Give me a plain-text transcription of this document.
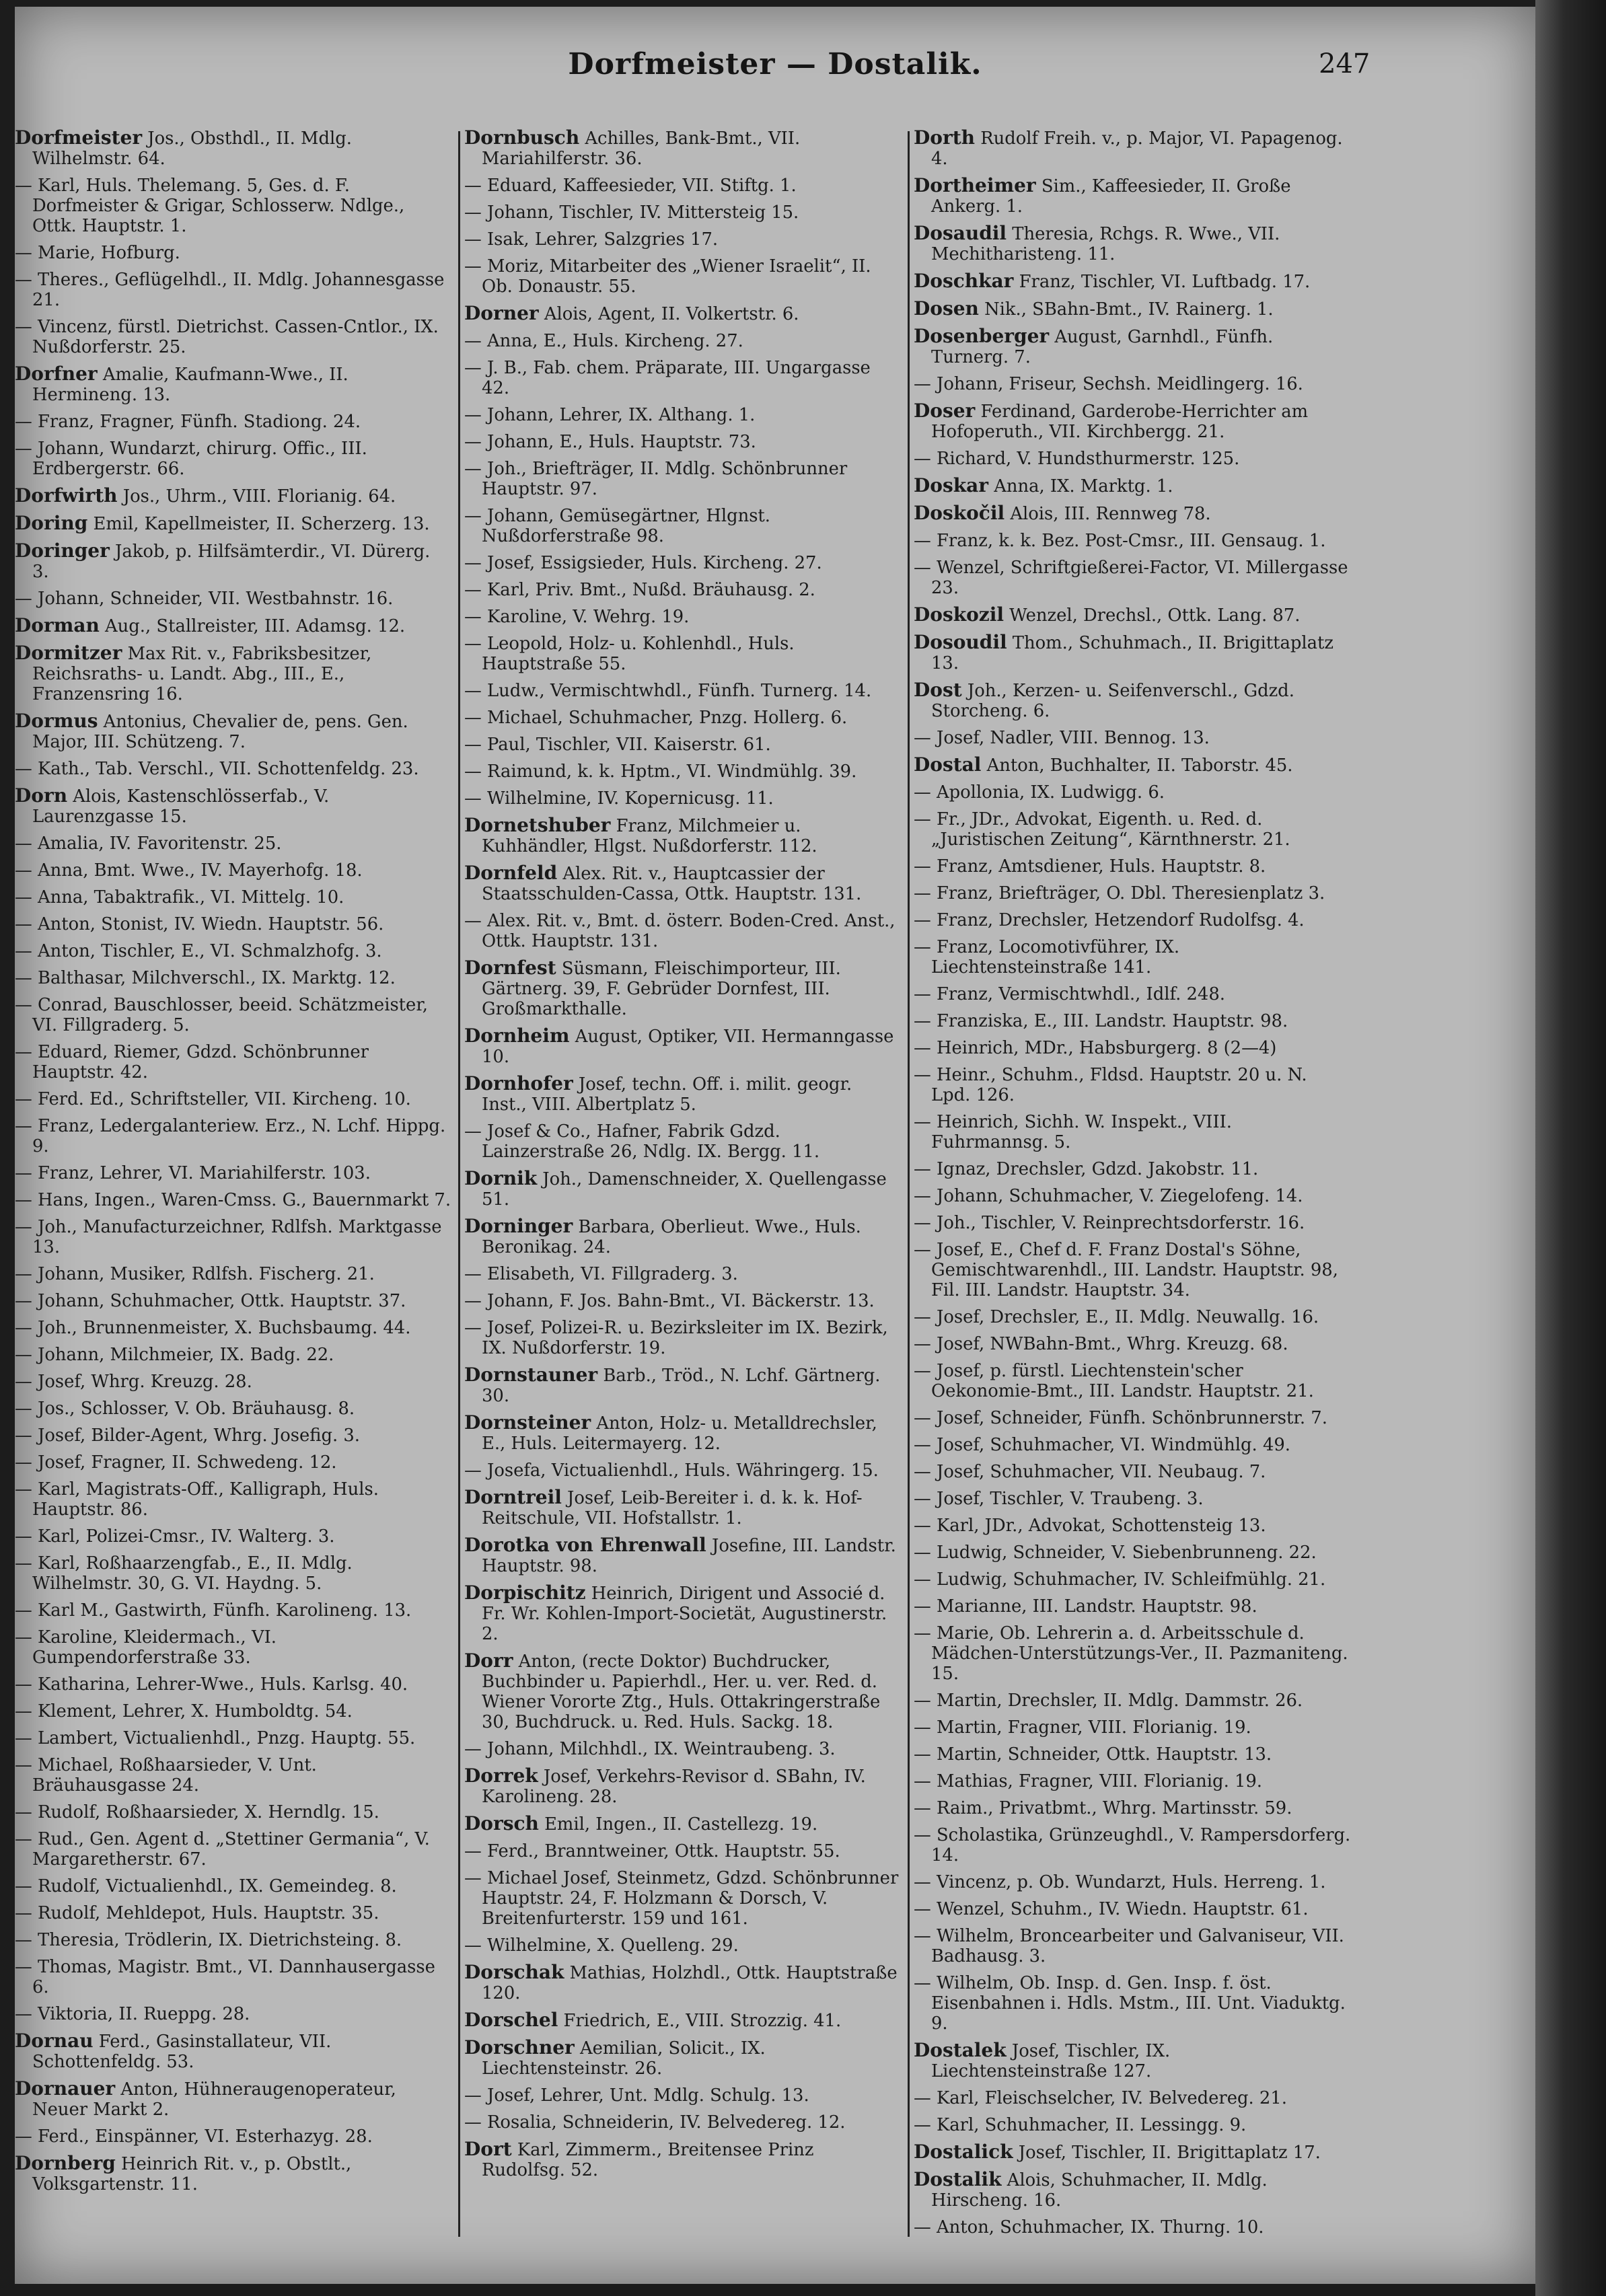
Dorfmeister — Dostalik.	247
Dorfmeister Jos., Obsthdl., II. Mdlg. Wilhelmstr. 64.
— Karl, Huls. Thelemang. 5, Ges. d. F. Dorfmeister & Grigar, Schlosserw. Ndlge., Ottk. Hauptstr. 1.
— Marie, Hofburg.
— Theres., Geflügelhdl., II. Mdlg. Johannesgasse 21.
— Vincenz, fürstl. Dietrichst. Cassen-Cntlor., IX. Nußdorferstr. 25.
Dorfner Amalie, Kaufmann-Wwe., II. Hermineng. 13.
— Franz, Fragner, Fünfh. Stadiong. 24.
— Johann, Wundarzt, chirurg. Offic., III. Erdbergerstr. 66.
Dorfwirth Jos., Uhrm., VIII. Florianig. 64.
Doring Emil, Kapellmeister, II. Scherzerg. 13.
Doringer Jakob, p. Hilfsämterdir., VI. Dürerg. 3.
— Johann, Schneider, VII. Westbahnstr. 16.
Dorman Aug., Stallreister, III. Adamsg. 12.
Dormitzer Max Rit. v., Fabriksbesitzer, Reichsraths- u. Landt. Abg., III., E., Franzensring 16.
Dormus Antonius, Chevalier de, pens. Gen. Major, III. Schützeng. 7.
— Kath., Tab. Verschl., VII. Schottenfeldg. 23.
Dorn Alois, Kastenschlösserfab., V. Laurenzgasse 15.
— Amalia, IV. Favoritenstr. 25.
— Anna, Bmt. Wwe., IV. Mayerhofg. 18.
— Anna, Tabaktrafik., VI. Mittelg. 10.
— Anton, Stonist, IV. Wiedn. Hauptstr. 56.
— Anton, Tischler, E., VI. Schmalzhofg. 3.
— Balthasar, Milchverschl., IX. Marktg. 12.
— Conrad, Bauschlosser, beeid. Schätzmeister, VI. Fillgraderg. 5.
— Eduard, Riemer, Gdzd. Schönbrunner Hauptstr. 42.
— Ferd. Ed., Schriftsteller, VII. Kircheng. 10.
— Franz, Ledergalanteriew. Erz., N. Lchf. Hippg. 9.
— Franz, Lehrer, VI. Mariahilferstr. 103.
— Hans, Ingen., Waren-Cmss. G., Bauernmarkt 7.
— Joh., Manufacturzeichner, Rdlfsh. Marktgasse 13.
— Johann, Musiker, Rdlfsh. Fischerg. 21.
— Johann, Schuhmacher, Ottk. Hauptstr. 37.
— Joh., Brunnenmeister, X. Buchsbaumg. 44.
— Johann, Milchmeier, IX. Badg. 22.
— Josef, Whrg. Kreuzg. 28.
— Jos., Schlosser, V. Ob. Bräuhausg. 8.
— Josef, Bilder-Agent, Whrg. Josefig. 3.
— Josef, Fragner, II. Schwedeng. 12.
— Karl, Magistrats-Off., Kalligraph, Huls. Hauptstr. 86.
— Karl, Polizei-Cmsr., IV. Walterg. 3.
— Karl, Roßhaarzengfab., E., II. Mdlg. Wilhelmstr. 30, G. VI. Haydng. 5.
— Karl M., Gastwirth, Fünfh. Karolineng. 13.
— Karoline, Kleidermach., VI. Gumpendorferstraße 33.
— Katharina, Lehrer-Wwe., Huls. Karlsg. 40.
— Klement, Lehrer, X. Humboldtg. 54.
— Lambert, Victualienhdl., Pnzg. Hauptg. 55.
— Michael, Roßhaarsieder, V. Unt. Bräuhausgasse 24.
— Rudolf, Roßhaarsieder, X. Herndlg. 15.
— Rud., Gen. Agent d. „Stettiner Germania“, V. Margaretherstr. 67.
— Rudolf, Victualienhdl., IX. Gemeindeg. 8.
— Rudolf, Mehldepot, Huls. Hauptstr. 35.
— Theresia, Trödlerin, IX. Dietrichsteing. 8.
— Thomas, Magistr. Bmt., VI. Dannhausergasse 6.
— Viktoria, II. Rueppg. 28.
Dornau Ferd., Gasinstallateur, VII. Schottenfeldg. 53.
Dornauer Anton, Hühneraugenoperateur, Neuer Markt 2.
— Ferd., Einspänner, VI. Esterhazyg. 28.
Dornberg Heinrich Rit. v., p. Obstlt., Volksgartenstr. 11.
Dornbusch Achilles, Bank-Bmt., VII. Mariahilferstr. 36.
— Eduard, Kaffeesieder, VII. Stiftg. 1.
— Johann, Tischler, IV. Mittersteig 15.
— Isak, Lehrer, Salzgries 17.
— Moriz, Mitarbeiter des „Wiener Israelit“, II. Ob. Donaustr. 55.
Dorner Alois, Agent, II. Volkertstr. 6.
— Anna, E., Huls. Kircheng. 27.
— J. B., Fab. chem. Präparate, III. Ungargasse 42.
— Johann, Lehrer, IX. Althang. 1.
— Johann, E., Huls. Hauptstr. 73.
— Joh., Briefträger, II. Mdlg. Schönbrunner Hauptstr. 97.
— Johann, Gemüsegärtner, Hlgnst. Nußdorferstraße 98.
— Josef, Essigsieder, Huls. Kircheng. 27.
— Karl, Priv. Bmt., Nußd. Bräuhausg. 2.
— Karoline, V. Wehrg. 19.
— Leopold, Holz- u. Kohlenhdl., Huls. Hauptstraße 55.
— Ludw., Vermischtwhdl., Fünfh. Turnerg. 14.
— Michael, Schuhmacher, Pnzg. Hollerg. 6.
— Paul, Tischler, VII. Kaiserstr. 61.
— Raimund, k. k. Hptm., VI. Windmühlg. 39.
— Wilhelmine, IV. Kopernicusg. 11.
Dornetshuber Franz, Milchmeier u. Kuhhändler, Hlgst. Nußdorferstr. 112.
Dornfeld Alex. Rit. v., Hauptcassier der Staatsschulden-Cassa, Ottk. Hauptstr. 131.
— Alex. Rit. v., Bmt. d. österr. Boden-Cred. Anst., Ottk. Hauptstr. 131.
Dornfest Süsmann, Fleischimporteur, III. Gärtnerg. 39, F. Gebrüder Dornfest, III. Großmarkthalle.
Dornheim August, Optiker, VII. Hermanngasse 10.
Dornhofer Josef, techn. Off. i. milit. geogr. Inst., VIII. Albertplatz 5.
— Josef & Co., Hafner, Fabrik Gdzd. Lainzerstraße 26, Ndlg. IX. Bergg. 11.
Dornik Joh., Damenschneider, X. Quellengasse 51.
Dorninger Barbara, Oberlieut. Wwe., Huls. Beronikag. 24.
— Elisabeth, VI. Fillgraderg. 3.
— Johann, F. Jos. Bahn-Bmt., VI. Bäckerstr. 13.
— Josef, Polizei-R. u. Bezirksleiter im IX. Bezirk, IX. Nußdorferstr. 19.
Dornstauner Barb., Tröd., N. Lchf. Gärtnerg. 30.
Dornsteiner Anton, Holz- u. Metalldrechsler, E., Huls. Leitermayerg. 12.
— Josefa, Victualienhdl., Huls. Währingerg. 15.
Dorntreil Josef, Leib-Bereiter i. d. k. k. Hof-Reitschule, VII. Hofstallstr. 1.
Dorotka von Ehrenwall Josefine, III. Landstr. Hauptstr. 98.
Dorpischitz Heinrich, Dirigent und Associé d. Fr. Wr. Kohlen-Import-Societät, Augustinerstr. 2.
Dorr Anton, (recte Doktor) Buchdrucker, Buchbinder u. Papierhdl., Her. u. ver. Red. d. Wiener Vororte Ztg., Huls. Ottakringerstraße 30, Buchdruck. u. Red. Huls. Sackg. 18.
— Johann, Milchhdl., IX. Weintraubeng. 3.
Dorrek Josef, Verkehrs-Revisor d. SBahn, IV. Karolineng. 28.
Dorsch Emil, Ingen., II. Castellezg. 19.
— Ferd., Branntweiner, Ottk. Hauptstr. 55.
— Michael Josef, Steinmetz, Gdzd. Schönbrunner Hauptstr. 24, F. Holzmann & Dorsch, V. Breitenfurterstr. 159 und 161.
— Wilhelmine, X. Quelleng. 29.
Dorschak Mathias, Holzhdl., Ottk. Hauptstraße 120.
Dorschel Friedrich, E., VIII. Strozzig. 41.
Dorschner Aemilian, Solicit., IX. Liechtensteinstr. 26.
— Josef, Lehrer, Unt. Mdlg. Schulg. 13.
— Rosalia, Schneiderin, IV. Belvedereg. 12.
Dort Karl, Zimmerm., Breitensee Prinz Rudolfsg. 52.
Dorth Rudolf Freih. v., p. Major, VI. Papagenog. 4.
Dortheimer Sim., Kaffeesieder, II. Große Ankerg. 1.
Dosaudil Theresia, Rchgs. R. Wwe., VII. Mechitharisteng. 11.
Doschkar Franz, Tischler, VI. Luftbadg. 17.
Dosen Nik., SBahn-Bmt., IV. Rainerg. 1.
Dosenberger August, Garnhdl., Fünfh. Turnerg. 7.
— Johann, Friseur, Sechsh. Meidlingerg. 16.
Doser Ferdinand, Garderobe-Herrichter am Hofoperuth., VII. Kirchbergg. 21.
— Richard, V. Hundsthurmerstr. 125.
Doskar Anna, IX. Marktg. 1.
Doskočil Alois, III. Rennweg 78.
— Franz, k. k. Bez. Post-Cmsr., III. Gensaug. 1.
— Wenzel, Schriftgießerei-Factor, VI. Millergasse 23.
Doskozil Wenzel, Drechsl., Ottk. Lang. 87.
Dosoudil Thom., Schuhmach., II. Brigittaplatz 13.
Dost Joh., Kerzen- u. Seifenverschl., Gdzd. Storcheng. 6.
— Josef, Nadler, VIII. Bennog. 13.
Dostal Anton, Buchhalter, II. Taborstr. 45.
— Apollonia, IX. Ludwigg. 6.
— Fr., JDr., Advokat, Eigenth. u. Red. d. „Juristischen Zeitung“, Kärnthnerstr. 21.
— Franz, Amtsdiener, Huls. Hauptstr. 8.
— Franz, Briefträger, O. Dbl. Theresienplatz 3.
— Franz, Drechsler, Hetzendorf Rudolfsg. 4.
— Franz, Locomotivführer, IX. Liechtensteinstraße 141.
— Franz, Vermischtwhdl., Idlf. 248.
— Franziska, E., III. Landstr. Hauptstr. 98.
— Heinrich, MDr., Habsburgerg. 8 (2—4)
— Heinr., Schuhm., Fldsd. Hauptstr. 20 u. N. Lpd. 126.
— Heinrich, Sichh. W. Inspekt., VIII. Fuhrmannsg. 5.
— Ignaz, Drechsler, Gdzd. Jakobstr. 11.
— Johann, Schuhmacher, V. Ziegelofeng. 14.
— Joh., Tischler, V. Reinprechtsdorferstr. 16.
— Josef, E., Chef d. F. Franz Dostal's Söhne, Gemischtwarenhdl., III. Landstr. Hauptstr. 98, Fil. III. Landstr. Hauptstr. 34.
— Josef, Drechsler, E., II. Mdlg. Neuwallg. 16.
— Josef, NWBahn-Bmt., Whrg. Kreuzg. 68.
— Josef, p. fürstl. Liechtenstein'scher Oekonomie-Bmt., III. Landstr. Hauptstr. 21.
— Josef, Schneider, Fünfh. Schönbrunnerstr. 7.
— Josef, Schuhmacher, VI. Windmühlg. 49.
— Josef, Schuhmacher, VII. Neubaug. 7.
— Josef, Tischler, V. Traubeng. 3.
— Karl, JDr., Advokat, Schottensteig 13.
— Ludwig, Schneider, V. Siebenbrunneng. 22.
— Ludwig, Schuhmacher, IV. Schleifmühlg. 21.
— Marianne, III. Landstr. Hauptstr. 98.
— Marie, Ob. Lehrerin a. d. Arbeitsschule d. Mädchen-Unterstützungs-Ver., II. Pazmaniteng. 15.
— Martin, Drechsler, II. Mdlg. Dammstr. 26.
— Martin, Fragner, VIII. Florianig. 19.
— Martin, Schneider, Ottk. Hauptstr. 13.
— Mathias, Fragner, VIII. Florianig. 19.
— Raim., Privatbmt., Whrg. Martinsstr. 59.
— Scholastika, Grünzeughdl., V. Rampersdorferg. 14.
— Vincenz, p. Ob. Wundarzt, Huls. Herreng. 1.
— Wenzel, Schuhm., IV. Wiedn. Hauptstr. 61.
— Wilhelm, Broncearbeiter und Galvaniseur, VII. Badhausg. 3.
— Wilhelm, Ob. Insp. d. Gen. Insp. f. öst. Eisenbahnen i. Hdls. Mstm., III. Unt. Viaduktg. 9.
Dostalek Josef, Tischler, IX. Liechtensteinstraße 127.
— Karl, Fleischselcher, IV. Belvedereg. 21.
— Karl, Schuhmacher, II. Lessingg. 9.
Dostalick Josef, Tischler, II. Brigittaplatz 17.
Dostalik Alois, Schuhmacher, II. Mdlg. Hirscheng. 16.
— Anton, Schuhmacher, IX. Thurng. 10.
